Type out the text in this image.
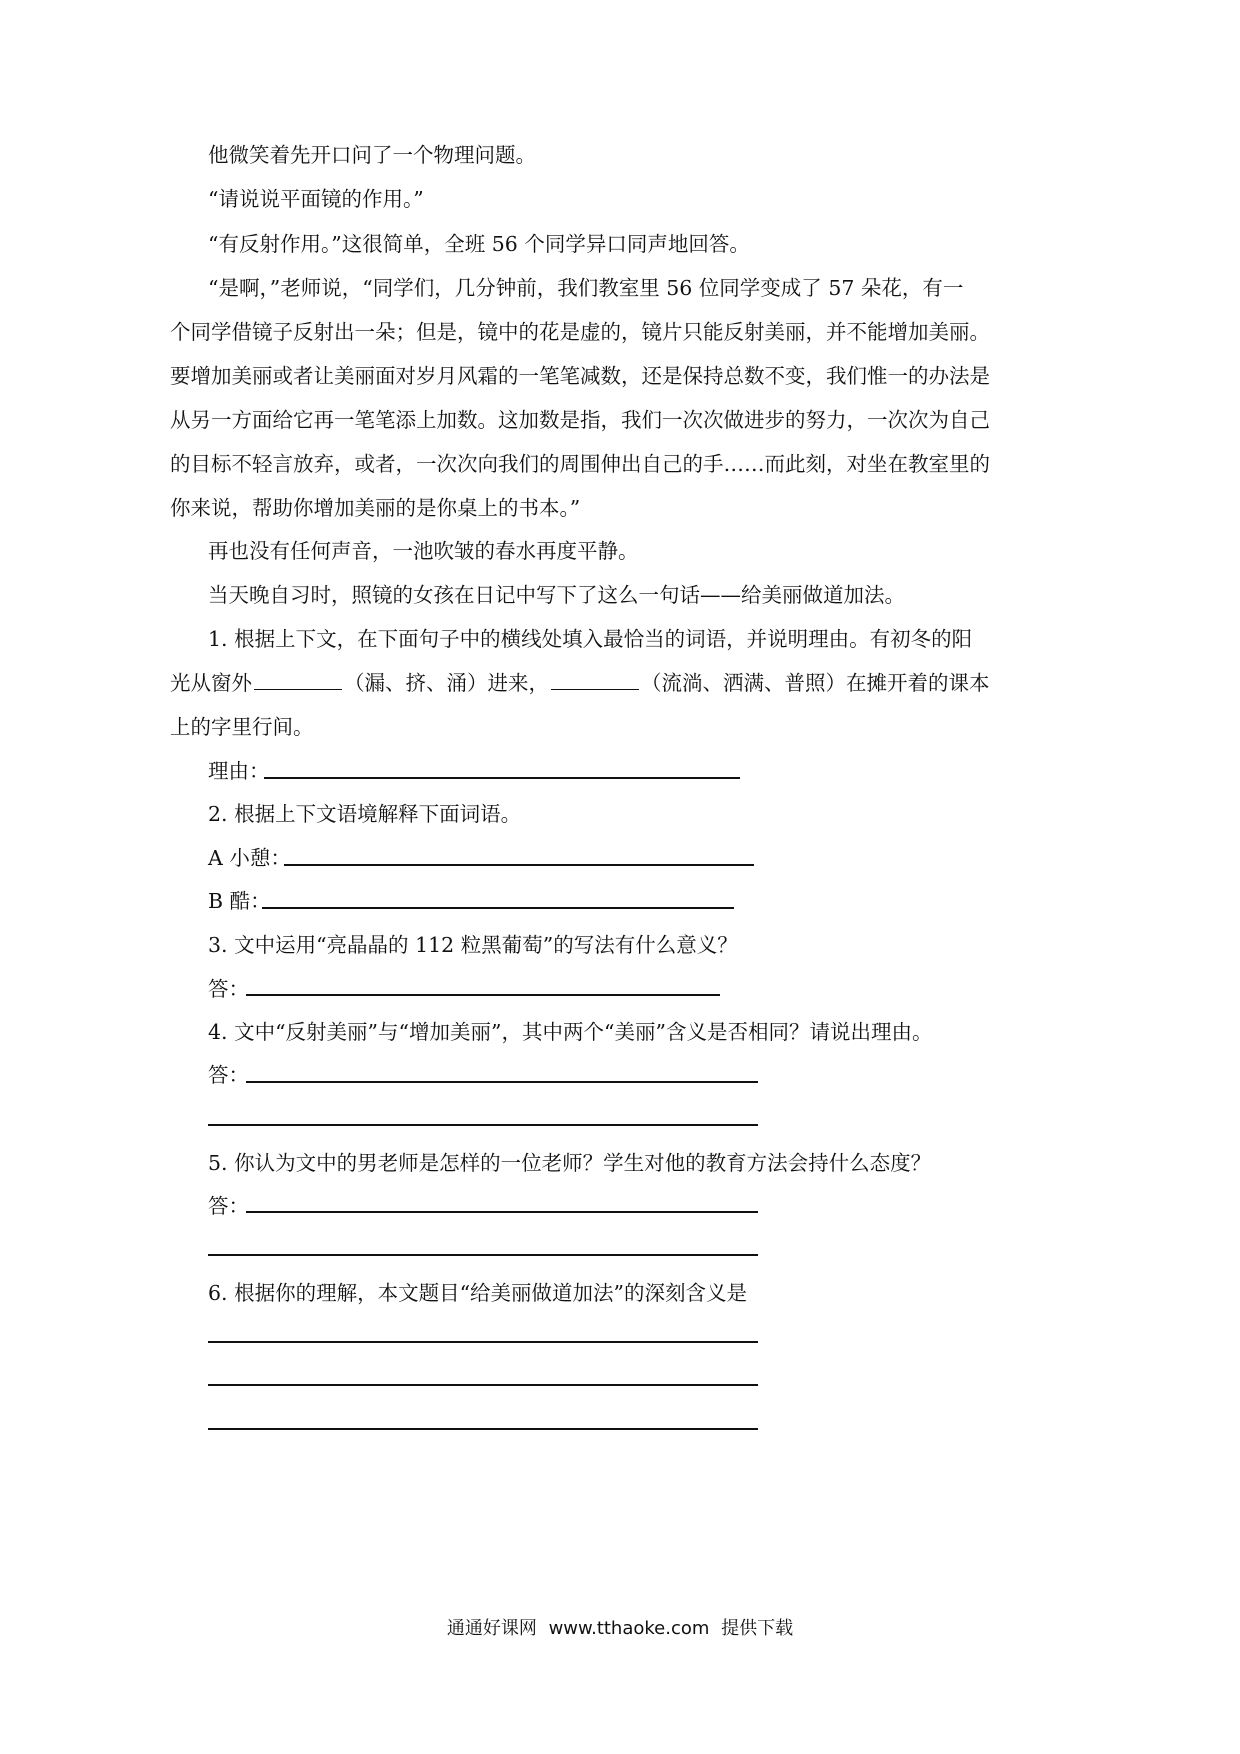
他微笑着先开口问了一个物理问题。
“请说说平面镜的作用。”
“有反射作用。”这很简单，全班 56 个同学异口同声地回答。
“是啊，”老师说，“同学们，几分钟前，我们教室里 56 位同学变成了 57 朵花，有一
个同学借镜子反射出一朵；但是，镜中的花是虚的，镜片只能反射美丽，并不能增加美丽。
要增加美丽或者让美丽面对岁月风霜的一笔笔减数，还是保持总数不变，我们惟一的办法是
从另一方面给它再一笔笔添上加数。这加数是指，我们一次次做进步的努力，一次次为自己
的目标不轻言放弃，或者，一次次向我们的周围伸出自己的手……而此刻，对坐在教室里的
你来说，帮助你增加美丽的是你桌上的书本。”
再也没有任何声音，一池吹皱的春水再度平静。
当天晚自习时，照镜的女孩在日记中写下了这么一句话——给美丽做道加法。
1. 根据上下文，在下面句子中的横线处填入最恰当的词语，并说明理由。有初冬的阳
光从窗外	（漏、挤、涌）进来，	（流淌、洒满、普照）在摊开着的课本
上的字里行间。
理由：
2. 根据上下文语境解释下面词语。
A 小憩：
B 酷：
3. 文中运用“亮晶晶的 112 粒黑葡萄”的写法有什么意义？
答：
4. 文中“反射美丽”与“增加美丽”，其中两个“美丽”含义是否相同？请说出理由。
答：
5. 你认为文中的男老师是怎样的一位老师？学生对他的教育方法会持什么态度？
答：
6. 根据你的理解，本文题目“给美丽做道加法”的深刻含义是
通通好课网 www.tthaoke.com 提供下载
